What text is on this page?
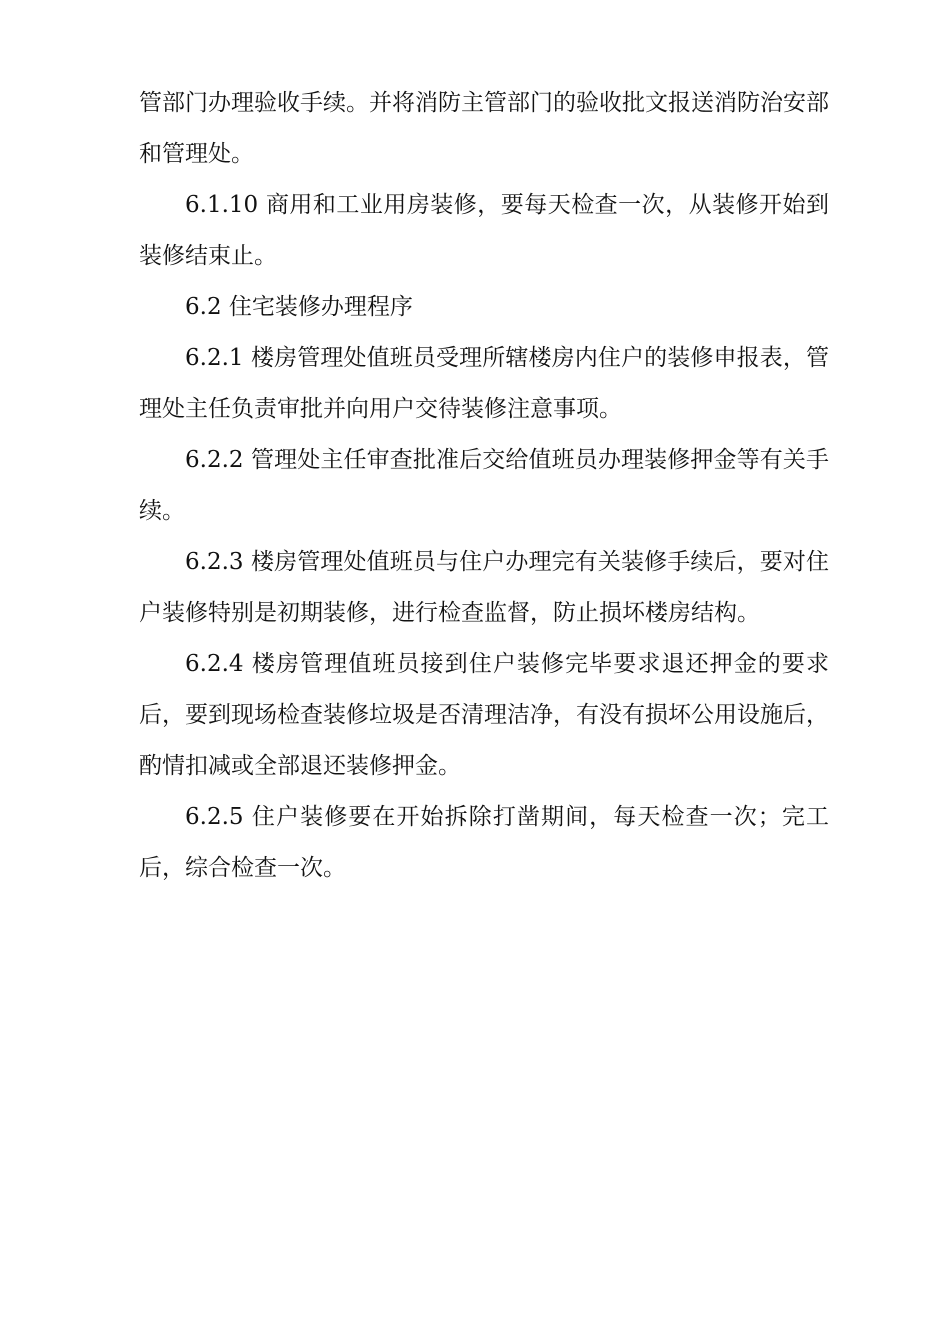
管部门办理验收手续。并将消防主管部门的验收批文报送消防治安部和管理处。

6.1.10 商用和工业用房装修，要每天检查一次，从装修开始到装修结束止。

6.2 住宅装修办理程序

6.2.1 楼房管理处值班员受理所辖楼房内住户的装修申报表，管理处主任负责审批并向用户交待装修注意事项。

6.2.2 管理处主任审查批准后交给值班员办理装修押金等有关手续。

6.2.3 楼房管理处值班员与住户办理完有关装修手续后，要对住户装修特别是初期装修，进行检查监督，防止损坏楼房结构。

6.2.4 楼房管理值班员接到住户装修完毕要求退还押金的要求后，要到现场检查装修垃圾是否清理洁净，有没有损坏公用设施后，酌情扣减或全部退还装修押金。

6.2.5 住户装修要在开始拆除打凿期间，每天检查一次；完工后，综合检查一次。
